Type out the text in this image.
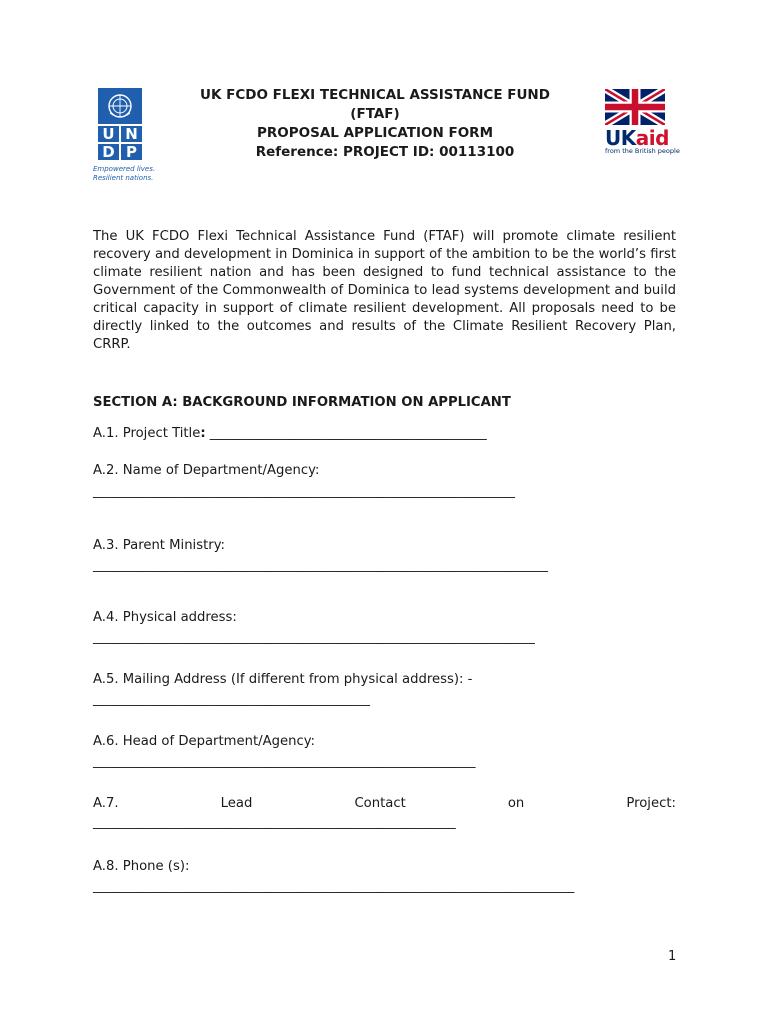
U N
D P
Empowered lives.
Resilient nations.
UK FCDO FLEXI TECHNICAL ASSISTANCE FUND
(FTAF)
PROPOSAL APPLICATION FORM
Reference: PROJECT ID: 00113100
UKaid
from the British people
The UK FCDO Flexi Technical Assistance Fund (FTAF) will promote climate resilient recovery and development in Dominica in support of the ambition to be the world’s first climate resilient nation and has been designed to fund technical assistance to the Government of the Commonwealth of Dominica to lead systems development and build critical capacity in support of climate resilient development. All proposals need to be directly linked to the outcomes and results of the Climate Resilient Recovery Plan, CRRP.
SECTION A: BACKGROUND INFORMATION ON APPLICANT
A.1. Project Title: __________________________________________
A.2. Name of Department/Agency:
________________________________________________________________
A.3. Parent Ministry:
_____________________________________________________________________
A.4. Physical address:
___________________________________________________________________
A.5. Mailing Address (If different from physical address): -
__________________________________________
A.6. Head of Department/Agency:
__________________________________________________________
A.7.	Lead	Contact	on	Project:
_______________________________________________________
A.8. Phone (s):
_________________________________________________________________________
1
